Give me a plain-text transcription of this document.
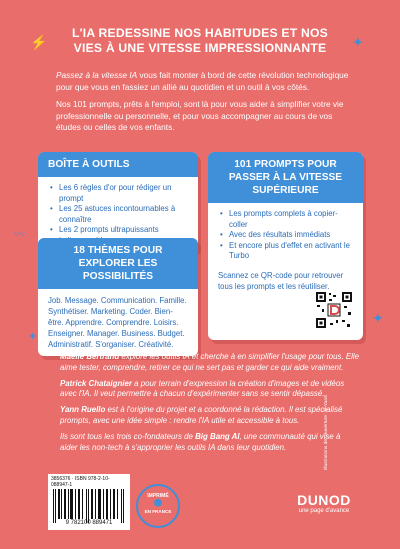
⚡	✦
〰
✦
✦
L'IA REDESSINE NOS HABITUDES ET NOS VIES À UNE VITESSE IMPRESSIONNANTE

Passez à la vitesse IA vous fait monter à bord de cette révolution technologique pour que vous en fassiez un allié au quotidien et un outil à vos côtés.

Nos 101 prompts, prêts à l'emploi, sont là pour vous aider à simplifier votre vie professionnelle ou personnelle, et pour vous accompagner au cours de vos études ou celles de vos enfants.

BOÎTE À OUTILS
• Les 6 règles d'or pour rédiger un prompt
• Les 25 astuces incontournables à connaître
• Les 2 prompts ultrapuissants
18 THÈMES POUR EXPLORER LES POSSIBILITÉS
Job. Message. Communication. Famille. Synthétiser. Marketing. Coder. Bien-être. Apprendre. Comprendre. Loisirs. Enseigner. Manager. Business. Budget. Administratif. S'organiser. Créativité.
101 PROMPTS POUR PASSER À LA VITESSE SUPÉRIEURE
• Les prompts complets à copier-coller
• Avec des résultats immédiats
• Et encore plus d'effet en activant le Turbo
Scannez ce QR-code pour retrouver tous les prompts et les réutiliser.

Maëlle Bertrand explore les outils IA et cherche à en simplifier l'usage pour tous. Elle aime tester, comprendre, retirer ce qui ne sert pas et garder ce qui aide vraiment.

Patrick Chataignier a pour terrain d'expression la création d'images et de vidéos avec l'IA. Il veut permettre à chacun d'expérimenter sans se sentir dépassé.

Yann Ruello est à l'origine du projet et a coordonné la rédaction. Il est spécialisé prompts, avec une idée simple : rendre l'IA utile et accessible à tous.

Ils sont tous les trois co-fondateurs de Big Bang AI, une communauté qui vise à aider les non-tech à s'approprier les outils IA dans leur quotidien.

3856376 · ISBN 978-2-10-088947-1
9 782100 889471
IMPRIMÉ
⬢
EN FRANCE
DUNOD
une page d'avance
Illustrations de couverture : © YaaS
